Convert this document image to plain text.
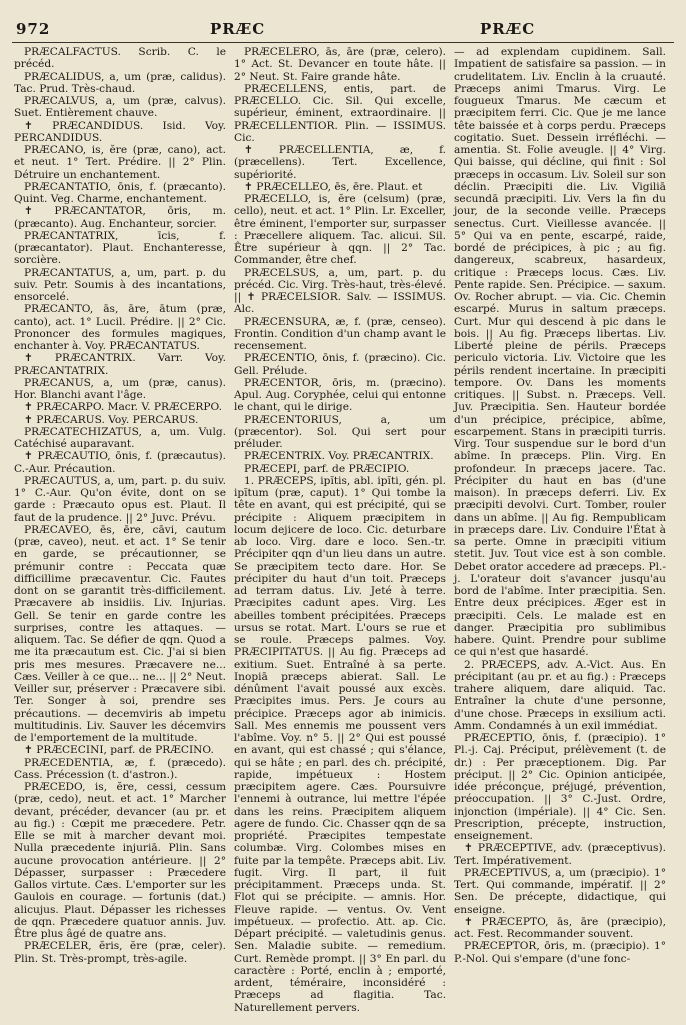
972	PRÆC	PRÆC

PRÆCALFACTUS. Scrib. C. le précéd.

PRÆCALIDUS, a, um (præ, calidus). Tac. Prud. Très-chaud.

PRÆCALVUS, a, um (præ, calvus). Suet. Entièrement chauve.

✝ PRÆCANDIDUS. Isid. Voy. PERCANDIDUS.

PRÆCANO, is, ĕre (præ, cano), act. et neut. 1° Tert. Prédire. || 2° Plin. Détruire un enchantement.

PRÆCANTATIO, ōnis, f. (præcanto). Quint. Veg. Charme, enchantement.

✝ PRÆCANTATOR, ōris, m. (præcanto). Aug. Enchanteur, sorcier.

PRÆCANTATRIX, īcis, f. (præcantator). Plaut. Enchanteresse, sorcière.

PRÆCANTATUS, a, um, part. p. du suiv. Petr. Soumis à des incantations, ensorcelé.

PRÆCANTO, ās, āre, ātum (præ, canto), act. 1° Lucil. Prédire. || 2° Cic. Prononcer des formules magiques, enchanter à. Voy. PRÆCANTATUS.

✝ PRÆCANTRIX. Varr. Voy. PRÆCANTATRIX.

PRÆCANUS, a, um (præ, canus). Hor. Blanchi avant l'âge.

✝ PRÆCARPO. Macr. V. PRÆCERPO.

✝ PRÆCARUS. Voy. PERCARUS.

PRÆCATECHIZATUS, a, um. Vulg. Catéchisé auparavant.

✝ PRÆCAUTIO, ōnis, f. (præcautus). C.-Aur. Précaution.

PRÆCAUTUS, a, um, part. p. du suiv. 1° C.-Aur. Qu'on évite, dont on se garde : Præcauto opus est. Plaut. Il faut de la prudence. || 2° Juvc. Prévu.

PRÆCAVEO, ēs, ēre, cāvi, cautum (præ, caveo), neut. et act. 1° Se tenir en garde, se précautionner, se prémunir contre : Peccata quæ difficillime præcaventur. Cic. Fautes dont on se garantit très-difficilement. Præcavere ab insidiis. Liv. Injurias. Gell. Se tenir en garde contre les surprises, contre les attaques. — aliquem. Tac. Se défier de qqn. Quod a me ita præcautum est. Cic. J'ai si bien pris mes mesures. Præcavere ne... Cæs. Veiller à ce que... ne... || 2° Neut. Veiller sur, préserver : Præcavere sibi. Ter. Songer à soi, prendre ses précautions. — decemviris ab impetu multitudinis. Liv. Sauver les décemvirs de l'emportement de la multitude.

✝ PRÆCECINI, parf. de PRÆCINO.

PRÆCEDENTIA, æ, f. (præcedo). Cass. Précession (t. d'astron.).

PRÆCEDO, is, ĕre, cessi, cessum (præ, cedo), neut. et act. 1° Marcher devant, précéder, devancer (au pr. et au fig.) : Cœpit me præcedere. Petr. Elle se mit à marcher devant moi. Nulla præcedente injuriā. Plin. Sans aucune provocation antérieure. || 2° Dépasser, surpasser : Præcedere Gallos virtute. Cæs. L'emporter sur les Gaulois en courage. — fortunis (dat.) alicujus. Plaut. Dépasser les richesses de qqn. Præcedere quatuor annis. Juv. Être plus âgé de quatre ans.

PRÆCELER, ĕris, ĕre (præ, celer). Plin. St. Très-prompt, très-agile.

PRÆCELERO, ās, āre (præ, celero). 1° Act. St. Devancer en toute hâte. || 2° Neut. St. Faire grande hâte.

PRÆCELLENS, entis, part. de PRÆCELLO. Cic. Sil. Qui excelle, supérieur, éminent, extraordinaire. || PRÆCELLENTIOR. Plin. — ISSIMUS. Cic.

✝ PRÆCELLENTIA, æ, f. (præcellens). Tert. Excellence, supériorité.

✝ PRÆCELLEO, ēs, ēre. Plaut. et

PRÆCELLO, is, ĕre (celsum) (præ, cello), neut. et act. 1° Plin. Lr. Exceller, être éminent, l'emporter sur, surpasser : Præcellere aliquem. Tac. alicui. Sil. Être supérieur à qqn. || 2° Tac. Commander, être chef.

PRÆCELSUS, a, um, part. p. du précéd. Cic. Virg. Très-haut, très-élevé. || ✝ PRÆCELSIOR. Salv. — ISSIMUS. Alc.

PRÆCENSURA, æ, f. (præ, censeo). Frontin. Condition d'un champ avant le recensement.

PRÆCENTIO, ōnis, f. (præcino). Cic. Gell. Prélude.

PRÆCENTOR, ōris, m. (præcino). Apul. Aug. Coryphée, celui qui entonne le chant, qui le dirige.

PRÆCENTORIUS, a, um (præcentor). Sol. Qui sert pour préluder.

PRÆCENTRIX. Voy. PRÆCANTRIX.

PRÆCEPI, parf. de PRÆCIPIO.

1. PRÆCEPS, ipĭtis, abl. ipĭti, gén. pl. ipĭtum (præ, caput). 1° Qui tombe la tête en avant, qui est précipité, qui se précipite : Aliquem præcipitem in locum dejicere de loco. Cic. deturbare ab loco. Virg. dare e loco. Sen.-tr. Précipiter qqn d'un lieu dans un autre. Se præcipitem tecto dare. Hor. Se précipiter du haut d'un toit. Præceps ad terram datus. Liv. Jeté à terre. Præcipites cadunt apes. Virg. Les abeilles tombent précipitées. Præceps ursus se rotat. Mart. L'ours se rue et se roule. Præceps palmes. Voy. PRÆCIPITATUS. || Au fig. Præceps ad exitium. Suet. Entraîné à sa perte. Inopiā præceps abierat. Sall. Le dénûment l'avait poussé aux excès. Præcipites imus. Pers. Je cours au précipice. Præceps agor ab inimicis. Sall. Mes ennemis me poussent vers l'abîme. Voy. n° 5. || 2° Qui est poussé en avant, qui est chassé ; qui s'élance, qui se hâte ; en parl. des ch. précipité, rapide, impétueux : Hostem præcipitem agere. Cæs. Poursuivre l'ennemi à outrance, lui mettre l'épée dans les reins. Præcipitem aliquem agere de fundo. Cic. Chasser qqn de sa propriété. Præcipites tempestate columbæ. Virg. Colombes mises en fuite par la tempête. Præceps abit. Liv. fugit. Virg. Il part, il fuit précipitamment. Præceps unda. St. Flot qui se précipite. — amnis. Hor. Fleuve rapide. — ventus. Ov. Vent impétueux. — profectio. Att. ap. Cic. Départ précipité. — valetudinis genus. Sen. Maladie subite. — remedium. Curt. Remède prompt. || 3° En parl. du caractère : Porté, enclin à ; emporté, ardent, téméraire, inconsidéré : Præceps ad flagitia. Tac. Naturellement pervers.

— ad explendam cupidinem. Sall. Impatient de satisfaire sa passion. — in crudelitatem. Liv. Enclin à la cruauté. Præceps animi Tmarus. Virg. Le fougueux Tmarus. Me cæcum et præcipitem ferri. Cic. Que je me lance tête baissée et à corps perdu. Præceps cogitatio. Suet. Dessein irréfléchi. — amentia. St. Folie aveugle. || 4° Virg. Qui baisse, qui décline, qui finit : Sol præceps in occasum. Liv. Soleil sur son déclin. Præcipiti die. Liv. Vigiliā secundā præcipiti. Liv. Vers la fin du jour, de la seconde veille. Præceps senectus. Curt. Vieillesse avancée. || 5° Qui va en pente, escarpé, raide, bordé de précipices, à pic ; au fig. dangereux, scabreux, hasardeux, critique : Præceps locus. Cæs. Liv. Pente rapide. Sen. Précipice. — saxum. Ov. Rocher abrupt. — via. Cic. Chemin escarpé. Murus in saltum præceps. Curt. Mur qui descend à pic dans le bois. || Au fig. Præceps libertas. Liv. Liberté pleine de périls. Præceps periculo victoria. Liv. Victoire que les périls rendent incertaine. In præcipiti tempore. Ov. Dans les moments critiques. || Subst. n. Præceps. Vell. Juv. Præcipitia. Sen. Hauteur bordée d'un précipice, précipice, abîme, escarpement. Stans in præcipiti turris. Virg. Tour suspendue sur le bord d'un abîme. In præceps. Plin. Virg. En profondeur. In præceps jacere. Tac. Précipiter du haut en bas (d'une maison). In præceps deferri. Liv. Ex præcipiti devolvi. Curt. Tomber, rouler dans un abîme. || Au fig. Rempublicam in præceps dare. Liv. Conduire l'État à sa perte. Omne in præcipiti vitium stetit. Juv. Tout vice est à son comble. Debet orator accedere ad præceps. Pl.-j. L'orateur doit s'avancer jusqu'au bord de l'abîme. Inter præcipitia. Sen. Entre deux précipices. Æger est in præcipiti. Cels. Le malade est en danger. Præcipitia pro sublimibus habere. Quint. Prendre pour sublime ce qui n'est que hasardé.

2. PRÆCEPS, adv. A.-Vict. Aus. En précipitant (au pr. et au fig.) : Præceps trahere aliquem, dare aliquid. Tac. Entraîner la chute d'une personne, d'une chose. Præceps in exsilium acti. Amm. Condamnés à un exil immédiat.

PRÆCEPTIO, ōnis, f. (præcipio). 1° Pl.-j. Caj. Préciput, prélèvement (t. de dr.) : Per præceptionem. Dig. Par préciput. || 2° Cic. Opinion anticipée, idée préconçue, préjugé, prévention, préoccupation. || 3° C.-Just. Ordre, injonction (impériale). || 4° Cic. Sen. Prescription, précepte, instruction, enseignement.

✝ PRÆCEPTIVE, adv. (præceptivus). Tert. Impérativement.

PRÆCEPTIVUS, a, um (præcipio). 1° Tert. Qui commande, impératif. || 2° Sen. De précepte, didactique, qui enseigne.

✝ PRÆCEPTO, ās, āre (præcipio), act. Fest. Recommander souvent.

PRÆCEPTOR, ōris, m. (præcipio). 1° P.-Nol. Qui s'empare (d'une fonc-
